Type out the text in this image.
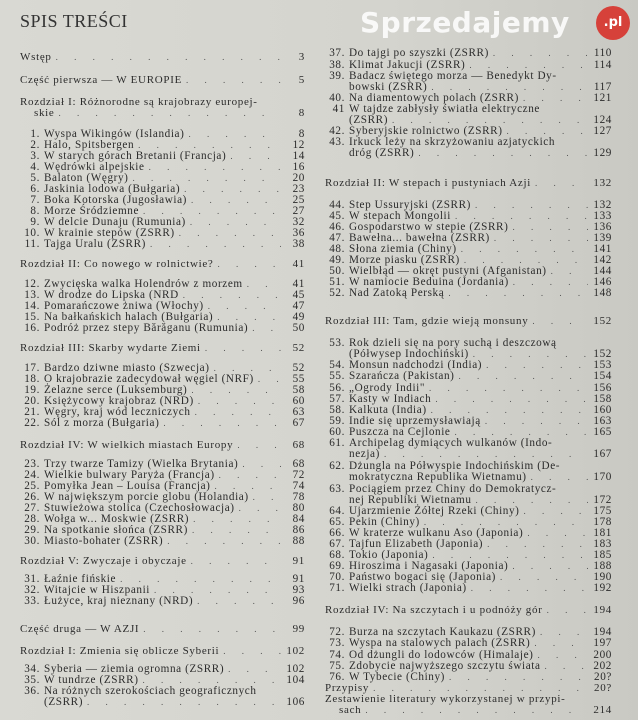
SPIS TREŚCI
Wstęp . . .	3
Część pierwsza — W EUROPIE . . .	5
Rozdział I: Różnorodne są krajobrazy europej-
skie . . .	8
1. Wyspa Wikingów (Islandia) . . .	8
2. Halo, Spitsbergen . . .	12
3. W starych górach Bretanii (Francja) . . .	14
4. Wędrówki alpejskie . . .	16
5. Balaton (Węgry) . . .	20
6. Jaskinia lodowa (Bułgaria) . . .	23
7. Boka Kotorska (Jugosławia) . . .	25
8. Morze Śródziemne . . .	27
9. W delcie Dunaju (Rumunia) . . .	32
10. W krainie stepów (ZSRR) . . .	36
11. Tajga Uralu (ZSRR) . . .	38
Rozdział II: Co nowego w rolnictwie? . . .	41
12. Zwycięska walka Holendrów z morzem . . .	41
13. W drodze do Lipska (NRD . . .	45
14. Pomarańczowe żniwa (Włochy) . . .	47
15. Na bałkańskich halach (Bułgaria) . . .	49
16. Podróż przez stepy Bărăganu (Rumunia) . . .	50
Rozdział III: Skarby wydarte Ziemi . . .	52
17. Bardzo dziwne miasto (Szwecja) . . .	52
18. O krajobrazie zadecydował węgiel (NRF) . . .	55
19. Żelazne serce (Luksemburg) . . .	58
20. Księżycowy krajobraz (NRD) . . .	60
21. Węgry, kraj wód leczniczych . . .	63
22. Sól z morza (Bułgaria) . . .	67
Rozdział IV: W wielkich miastach Europy . . .	68
23. Trzy twarze Tamizy (Wielka Brytania) . . .	68
24. Wielkie bulwary Paryża (Francja) . . .	72
25. Pomyłka Jean – Louisa (Francja) . . .	74
26. W największym porcie globu (Holandia) . . .	78
27. Stuwieżowa stolica (Czechosłowacja) . . .	80
28. Wołga w... Moskwie (ZSRR) . . .	84
29. Na spotkanie słońca (ZSRR) . . .	86
30. Miasto-bohater (ZSRR) . . .	88
Rozdział V: Zwyczaje i obyczaje . . .	91
31. Łaźnie fińskie . . .	91
32. Witajcie w Hiszpanii . . .	93
33. Łużyce, kraj nieznany (NRD) . . .	96
Część druga — W AZJI . . .	99
Rozdział I: Zmienia się oblicze Syberii . . .	102
34. Syberia — ziemia ogromna (ZSRR) . . .	102
35. W tundrze (ZSRR) . . .	104
36. Na różnych szerokościach geograficznych
(ZSRR) . . .	106
37. Do tajgi po szyszki (ZSRR) . . .	110
38. Klimat Jakucji (ZSRR) . . .	114
39. Badacz świętego morza — Benedykt Dy-
bowski (ZSRR) . . .	117
40. Na diamentowych polach (ZSRR) . . .	121
41 W tajdze zabłysły światła elektryczne
(ZSRR) . . .	124
42. Syberyjskie rolnictwo (ZSRR) . . .	127
43. Irkuck leży na skrzyżowaniu azjatyckich
dróg (ZSRR) . . .	129
Rozdział II: W stepach i pustyniach Azji . . .	132
44. Step Ussuryjski (ZSRR) . . .	132
45. W stepach Mongolii . . .	133
46. Gospodarstwo w stepie (ZSRR) . . .	136
47. Bawełna... bawełna (ZSRR) . . .	139
48. Słona ziemia (Chiny) . . .	141
49. Morze piasku (ZSRR) . . .	142
50. Wielbłąd — okręt pustyni (Afganistan) . . .	144
51. W namiocie Beduina (Jordania) . . .	146
52. Nad Zatoką Perską . . .	148
Rozdział III: Tam, gdzie wieją monsuny . . .	152
53. Rok dzieli się na pory suchą i deszczową
(Półwysep Indochiński) . . .	152
54. Monsun nadchodzi (India) . . .	153
55. Szarańcza (Pakistan) . . .	154
56. „Ogrody Indii" . . .	156
57. Kasty w Indiach . . .	158
58. Kalkuta (India) . . .	160
59. Indie się uprzemysławiają . . .	163
60. Puszcza na Cejlonie . . .	165
61. Archipelag dymiących wulkanów (Indo-
nezja) . . .	167
62. Dżungla na Półwyspie Indochińskim (De-
mokratyczna Republika Wietnamu) . . .	170
63. Pociągiem przez Chiny do Demokratycz-
nej Republiki Wietnamu . . .	172
64. Ujarzmienie Żółtej Rzeki (Chiny) . . .	175
65. Pekin (Chiny) . . .	178
66. W kraterze wulkanu Aso (Japonia) . . .	181
67. Tajfun Elizabeth (Japonia) . . .	183
68. Tokio (Japonia) . . .	185
69. Hiroszima i Nagasaki (Japonia) . . .	188
70. Państwo bogaci się (Japonia) . . .	190
71. Wielki strach (Japonia) . . .	192
Rozdział IV: Na szczytach i u podnóży gór . . .	194
72. Burza na szczytach Kaukazu (ZSRR) . . .	194
73. Wyspa na stalowych palach (ZSRR) . . .	197
74. Od dżungli do lodowców (Himalaje) . . .	200
75. Zdobycie najwyższego szczytu świata . . .	202
76. W Tybecie (Chiny) . . .	20?
Przypisy . . .	20?
Zestawienie literatury wykorzystanej w przypi-
sach . . .	214
Sprzedajemy	.pl
